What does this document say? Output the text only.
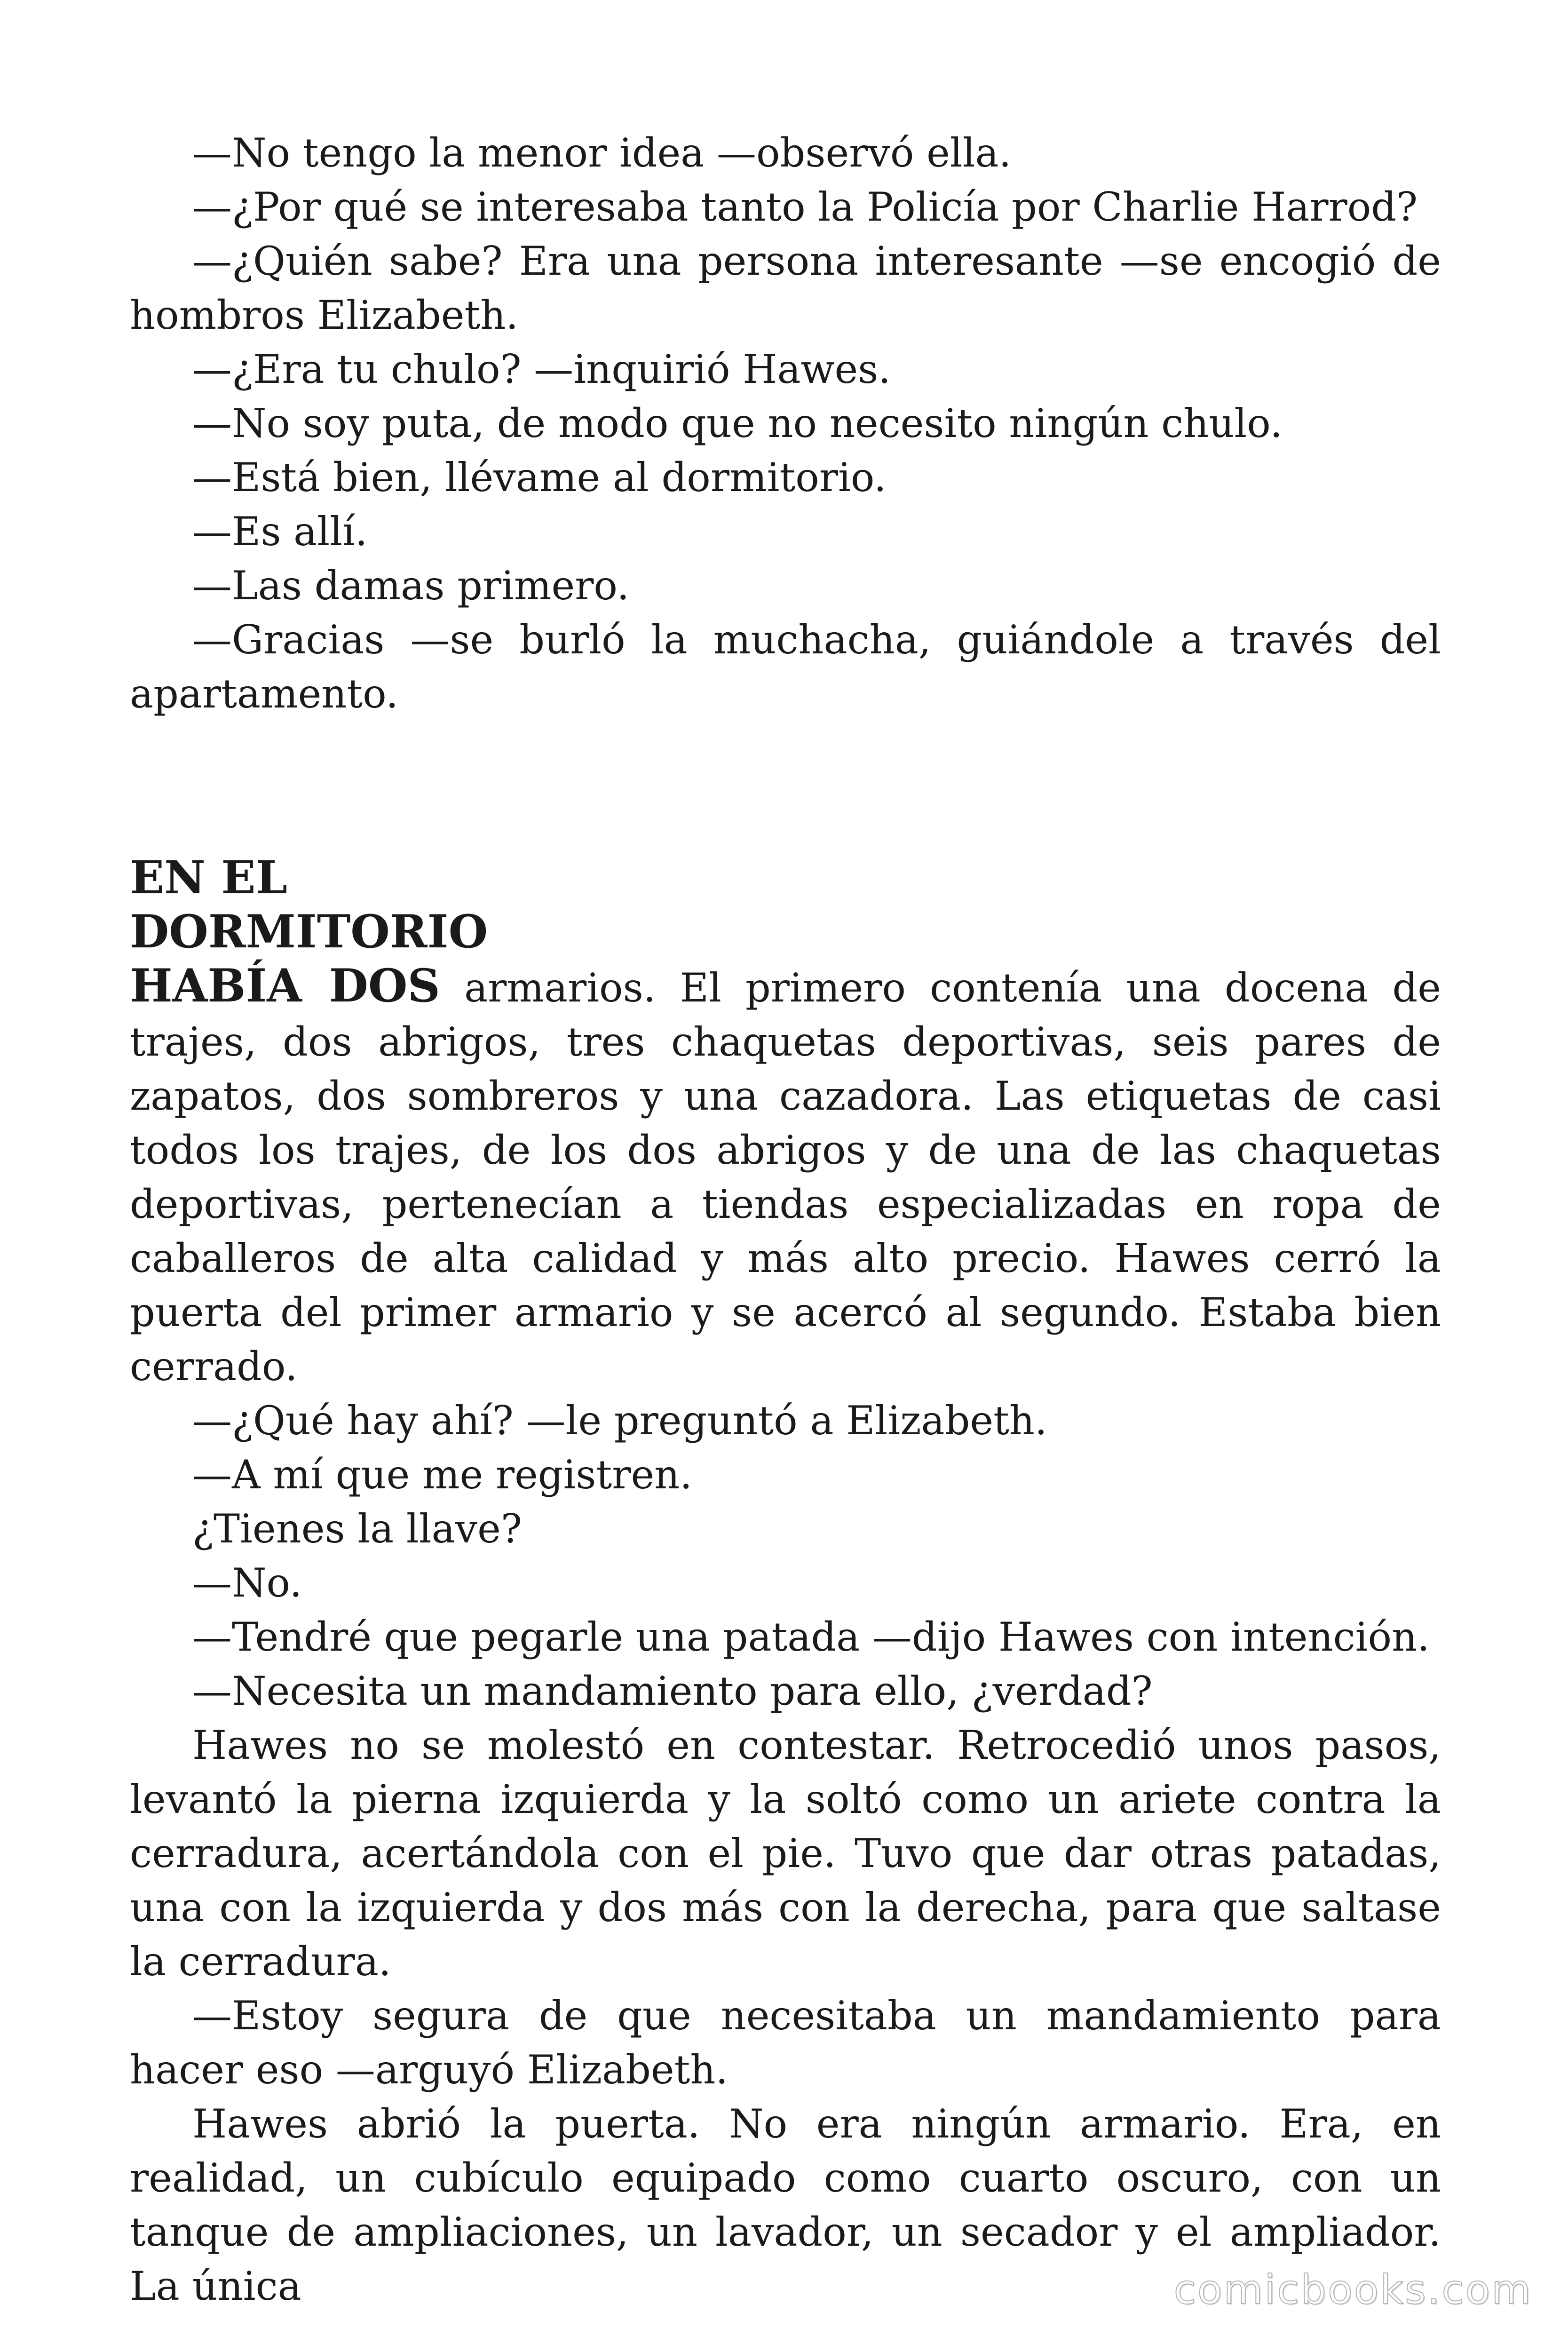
—No tengo la menor idea —observó ella.

—¿Por qué se interesaba tanto la Policía por Charlie Harrod?

—¿Quién sabe? Era una persona interesante —se encogió de hombros Elizabeth.

—¿Era tu chulo? —inquirió Hawes.

—No soy puta, de modo que no necesito ningún chulo.

—Está bien, llévame al dormitorio.

—Es allí.

—Las damas primero.

—Gracias —se burló la muchacha, guiándole a través del apartamento.

EN EL
DORMITORIO

HABÍA DOS armarios. El primero contenía una docena de trajes, dos abrigos, tres chaquetas deportivas, seis pares de zapatos, dos sombreros y una cazadora. Las etiquetas de casi todos los trajes, de los dos abrigos y de una de las chaquetas deportivas, pertenecían a tiendas especializadas en ropa de caballeros de alta calidad y más alto precio. Hawes cerró la puerta del primer armario y se acercó al segundo. Estaba bien cerrado.

—¿Qué hay ahí? —le preguntó a Elizabeth.

—A mí que me registren.

¿Tienes la llave?

—No.

—Tendré que pegarle una patada —dijo Hawes con intención.

—Necesita un mandamiento para ello, ¿verdad?

Hawes no se molestó en contestar. Retrocedió unos pasos, levantó la pierna izquierda y la soltó como un ariete contra la cerradura, acertándola con el pie. Tuvo que dar otras patadas, una con la izquierda y dos más con la derecha, para que saltase la cerradura.

—Estoy segura de que necesitaba un mandamiento para hacer eso —arguyó Elizabeth.

Hawes abrió la puerta. No era ningún armario. Era, en realidad, un cubículo equipado como cuarto oscuro, con un tanque de ampliaciones, un lavador, un secador y el ampliador. La única	comicbooks.com
